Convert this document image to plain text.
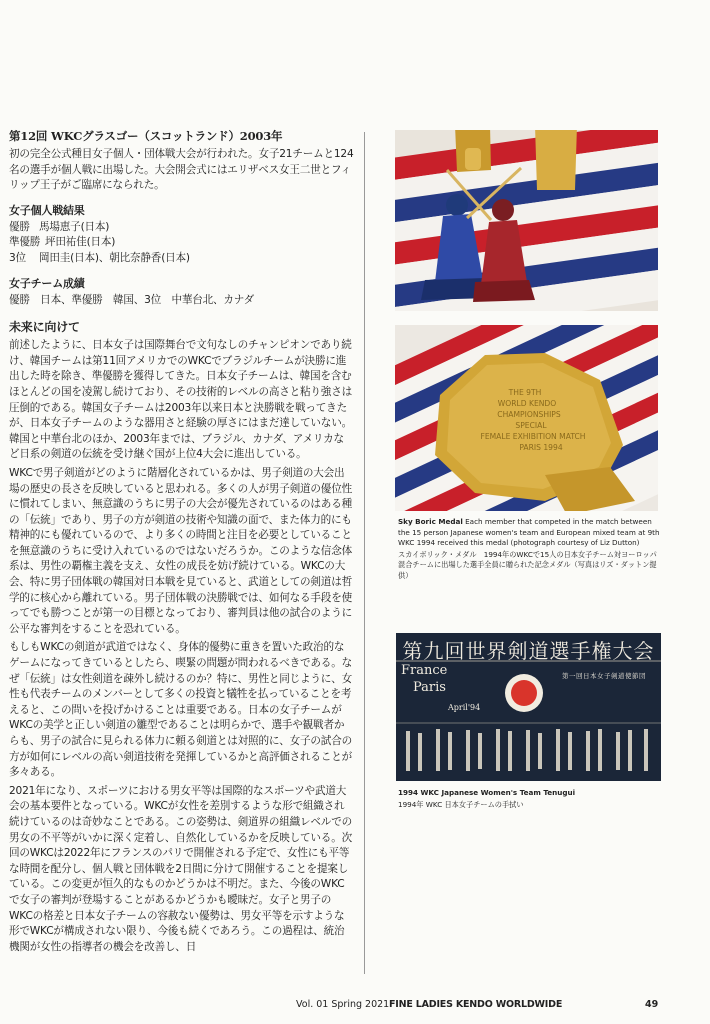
第12回 WKCグラスゴー（スコットランド）2003年

初の完全公式種目女子個人・団体戦大会が行われた。女子21チームと124名の選手が個人戦に出場した。大会開会式にはエリザベス女王二世とフィリップ王子がご臨席になられた。

女子個人戦結果
優勝 馬場恵子(日本)
準優勝 坪田祐佳(日本)
3位	岡田圭(日本)、朝比奈静香(日本)
女子チーム成績

優勝　日本、準優勝　韓国、3位　中華台北、カナダ

未来に向けて

前述したように、日本女子は国際舞台で文句なしのチャンピオンであり続け、韓国チームは第11回アメリカでのWKCでブラジルチームが決勝に進出した時を除き、準優勝を獲得してきた。日本女子チームは、韓国を含むほとんどの国を凌駕し続けており、その技術的レベルの高さと粘り強さは圧倒的である。韓国女子チームは2003年以来日本と決勝戦を戦ってきたが、日本女子チームのような器用さと経験の厚さにはまだ達していない。韓国と中華台北のほか、2003年までは、ブラジル、カナダ、アメリカなど日系の剣道の伝統を受け継ぐ国が上位4大会に進出している。

WKCで男子剣道がどのように階層化されているかは、男子剣道の大会出場の歴史の長さを反映していると思われる。多くの人が男子剣道の優位性に慣れてしまい、無意識のうちに男子の大会が優先されているのはある種の「伝統」であり、男子の方が剣道の技術や知識の面で、また体力的にも精神的にも優れているので、より多くの時間と注目を必要としていることを無意識のうちに受け入れているのではないだろうか。このような信念体系は、男性の覇権主義を支え、女性の成長を妨げ続けている。WKCの大会、特に男子団体戦の韓国対日本戦を見ていると、武道としての剣道は哲学的に核心から離れている。男子団体戦の決勝戦では、如何なる手段を使ってでも勝つことが第一の目標となっており、審判員は他の試合のように公平な審判をすることを恐れている。

もしもWKCの剣道が武道ではなく、身体的優勢に重きを置いた政治的なゲームになってきているとしたら、喫緊の問題が問われるべきである。なぜ「伝統」は女性剣道を疎外し続けるのか？特に、男性と同じように、女性も代表チームのメンバーとして多くの投資と犠牲を払っていることを考えると、この問いを投げかけることは重要である。日本の女子チームがWKCの美学と正しい剣道の雛型であることは明らかで、選手や観戦者からも、男子の試合に見られる体力に頼る剣道とは対照的に、女子の試合の方が如何にレベルの高い剣道技術を発揮しているかと高評価されることが多々ある。

2021年になり、スポーツにおける男女平等は国際的なスポーツや武道大会の基本要件となっている。WKCが女性を差別するような形で組織され続けているのは奇妙なことである。この姿勢は、剣道界の組織レベルでの男女の不平等がいかに深く定着し、自然化しているかを反映している。次回のWKCは2022年にフランスのパリで開催される予定で、女性にも平等な時間を配分し、個人戦と団体戦を2日間に分けて開催することを提案している。この変更が恒久的なものかどうかは不明だ。また、今後のWKCで女子の審判が登場することがあるかどうかも曖昧だ。女子と男子のWKCの格差と日本女子チームの容赦ない優勢は、男女平等を示すような形でWKCが構成されない限り、今後も続くであろう。この過程は、統治機関が女性の指導者の機会を改善し、日

THE 9TH
WORLD KENDO
CHAMPIONSHIPS
SPECIAL
FEMALE EXHIBITION MATCH
PARIS 1994
Sky Boric Medal Each member that competed in the match between the 15 person Japanese women's team and European mixed team at 9th WKC 1994 received this medal (photograph courtesy of Liz Dutton)
スカイボリック・メダル　1994年のWKCで15人の日本女子チーム対ヨーロッパ混合チームに出場した選手全員に贈られた記念メダル（写真はリズ・ダットン提供）
第九回世界剣道選手権大会
France
Paris
April'94
第一回日本女子剣道使節団
1994 WKC Japanese Women's Team Tenugui
1994年 WKC 日本女子チームの手拭い
Vol. 01 Spring 2021 FINE LADIES KENDO WORLDWIDE	49
